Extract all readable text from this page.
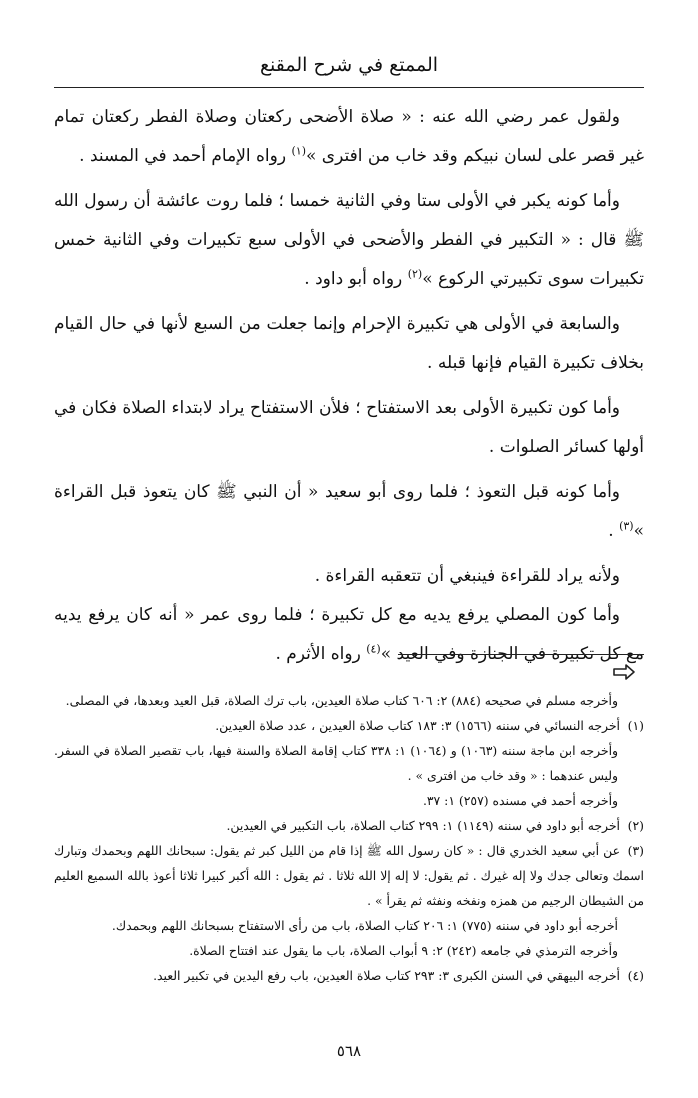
الممتع في شرح المقنع

ولقول عمر رضي الله عنه : « صلاة الأضحى ركعتان وصلاة الفطر ركعتان تمام غير قصر على لسان نبيكم وقد خاب من افترى »$^{(١)}$ رواه الإمام أحمد في المسند .

وأما كونه يكبر في الأولى ستا وفي الثانية خمسا ؛ فلما روت عائشة أن رسول الله ﷺ قال : « التكبير في الفطر والأضحى في الأولى سبع تكبيرات وفي الثانية خمس تكبيرات سوى تكبيرتي الركوع »$^{(٢)}$ رواه أبو داود .

والسابعة في الأولى هي تكبيرة الإحرام وإنما جعلت من السبع لأنها في حال القيام بخلاف تكبيرة القيام فإنها قبله .

وأما كون تكبيرة الأولى بعد الاستفتاح ؛ فلأن الاستفتاح يراد لابتداء الصلاة فكان في أولها كسائر الصلوات .

وأما كونه قبل التعوذ ؛ فلما روى أبو سعيد « أن النبي ﷺ كان يتعوذ قبل القراءة »$^{(٣)}$ .

ولأنه يراد للقراءة فينبغي أن تتعقبه القراءة .

وأما كون المصلي يرفع يديه مع كل تكبيرة ؛ فلما روى عمر « أنه كان يرفع يديه مع كل تكبيرة في الجنازة وفي العيد »$^{(٤)}$ رواه الأثرم .

وأخرجه مسلم في صحيحه (٨٨٤) ٢: ٦٠٦ كتاب صلاة العيدين، باب ترك الصلاة، قبل العيد وبعدها، في المصلى.

(١)أخرجه النسائي في سننه (١٥٦٦) ٣: ١٨٣ كتاب صلاة العيدين ، عدد صلاة العيدين.

وأخرجه ابن ماجة سننه (١٠٦٣) و (١٠٦٤) ١: ٣٣٨ كتاب إقامة الصلاة والسنة فيها، باب تقصير الصلاة في السفر. وليس عندهما : « وقد خاب من افترى » .

وأخرجه أحمد في مسنده (٢٥٧) ١: ٣٧.

(٢)أخرجه أبو داود في سننه (١١٤٩) ١: ٢٩٩ كتاب الصلاة، باب التكبير في العيدين.

(٣)عن أبي سعيد الخدري قال : « كان رسول الله ﷺ إذا قام من الليل كبر ثم يقول: سبحانك اللهم وبحمدك وتبارك اسمك وتعالى جدك ولا إله غيرك . ثم يقول: لا إله إلا الله ثلاثا . ثم يقول : الله أكبر كبيرا ثلاثا أعوذ بالله السميع العليم من الشيطان الرجيم من همزه ونفخه ونفثه ثم يقرأ » .

أخرجه أبو داود في سننه (٧٧٥) ١: ٢٠٦ كتاب الصلاة، باب من رأى الاستفتاح بسبحانك اللهم وبحمدك.

وأخرجه الترمذي في جامعه (٢٤٢) ٢: ٩ أبواب الصلاة، باب ما يقول عند افتتاح الصلاة.

(٤)أخرجه البيهقي في السنن الكبرى ٣: ٢٩٣ كتاب صلاة العيدين، باب رفع اليدين في تكبير العيد.

٥٦٨
